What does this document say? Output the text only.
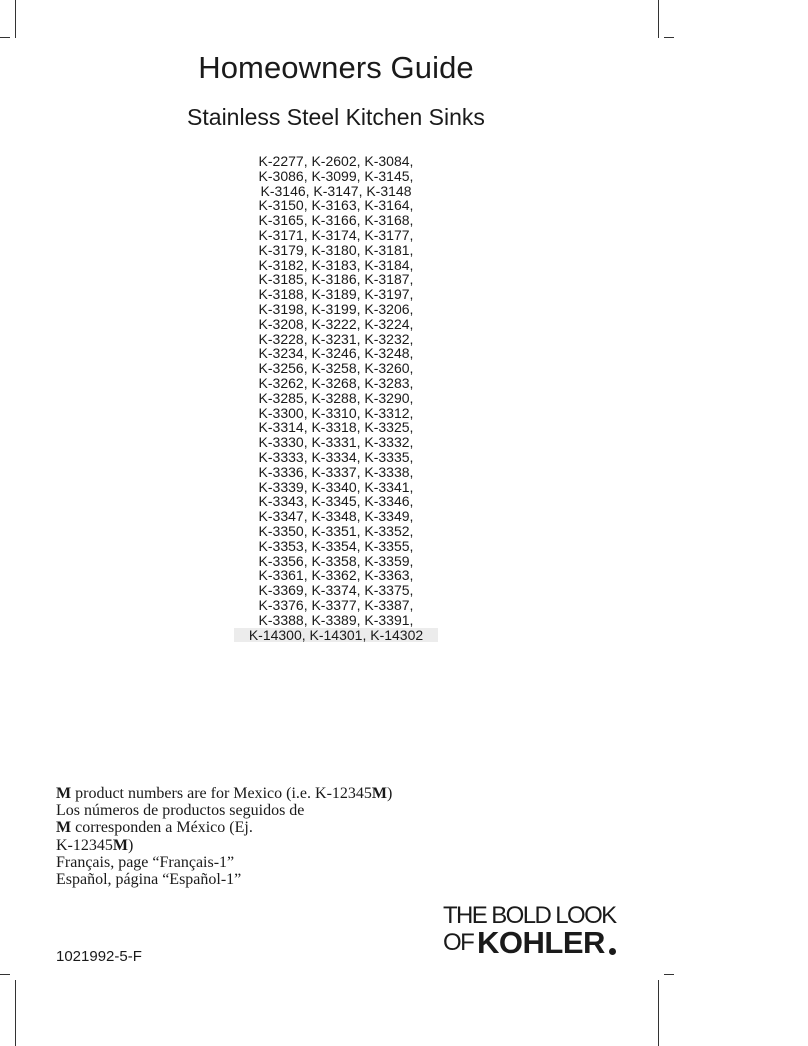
Homeowners Guide
Stainless Steel Kitchen Sinks
K-2277, K-2602, K-3084,
K-3086, K-3099, K-3145,
K-3146, K-3147, K-3148
K-3150, K-3163, K-3164,
K-3165, K-3166, K-3168,
K-3171, K-3174, K-3177,
K-3179, K-3180, K-3181,
K-3182, K-3183, K-3184,
K-3185, K-3186, K-3187,
K-3188, K-3189, K-3197,
K-3198, K-3199, K-3206,
K-3208, K-3222, K-3224,
K-3228, K-3231, K-3232,
K-3234, K-3246, K-3248,
K-3256, K-3258, K-3260,
K-3262, K-3268, K-3283,
K-3285, K-3288, K-3290,
K-3300, K-3310, K-3312,
K-3314, K-3318, K-3325,
K-3330, K-3331, K-3332,
K-3333, K-3334, K-3335,
K-3336, K-3337, K-3338,
K-3339, K-3340, K-3341,
K-3343, K-3345, K-3346,
K-3347, K-3348, K-3349,
K-3350, K-3351, K-3352,
K-3353, K-3354, K-3355,
K-3356, K-3358, K-3359,
K-3361, K-3362, K-3363,
K-3369, K-3374, K-3375,
K-3376, K-3377, K-3387,
K-3388, K-3389, K-3391,
K-14300, K-14301, K-14302
M product numbers are for Mexico (i.e. K-12345M)
Los números de productos seguidos de
M corresponden a México (Ej.
K-12345M)
Français, page “Français-1”
Español, página “Español-1”
1021992-5-F
THE BOLD LOOK
OF KOHLER
